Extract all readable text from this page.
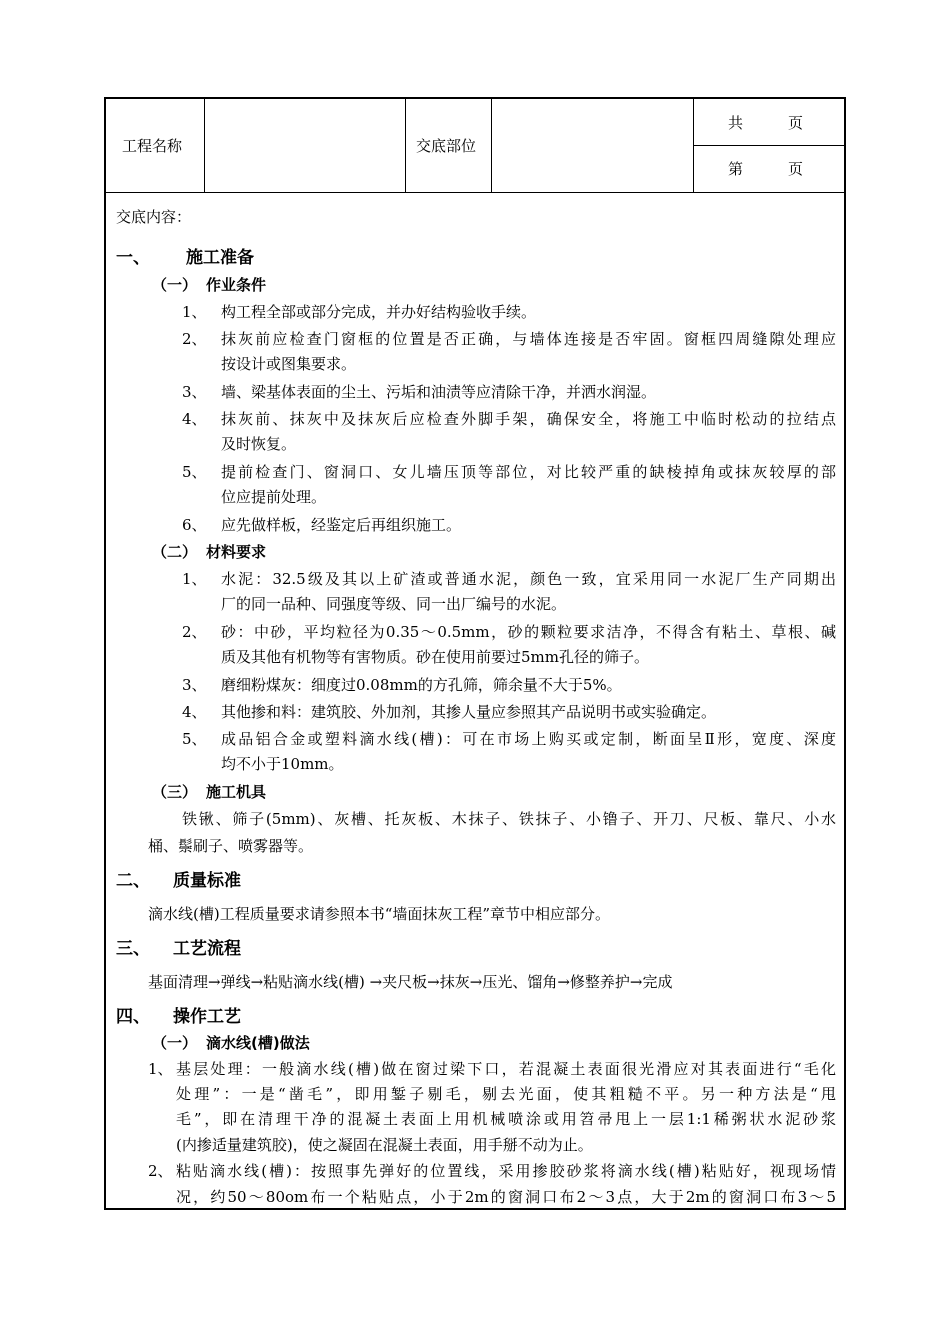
工程名称	交底部位
共　　　页
第　　　页
交底内容：
一、 施工准备
（一） 作业条件
1、 构工程全部或部分完成，并办好结构验收手续。
2、 抹灰前应检查门窗框的位置是否正确，与墙体连接是否牢固。窗框四周缝隙处理应
按设计或图集要求。
3、 墙、梁基体表面的尘土、污垢和油渍等应清除干净，并洒水润湿。
4、 抹灰前、抹灰中及抹灰后应检查外脚手架，确保安全，将施工中临时松动的拉结点
及时恢复。
5、 提前检查门、窗洞口、女儿墙压顶等部位，对比较严重的缺棱掉角或抹灰较厚的部
位应提前处理。
6、 应先做样板，经鉴定后再组织施工。
（二） 材料要求
1、 水泥：32.5级及其以上矿渣或普通水泥，颜色一致，宜采用同一水泥厂生产同期出
厂的同一品种、同强度等级、同一出厂编号的水泥。
2、 砂：中砂，平均粒径为0.35～0.5mm，砂的颗粒要求洁净，不得含有粘土、草根、碱
质及其他有机物等有害物质。砂在使用前要过5mm孔径的筛子。
3、 磨细粉煤灰：细度过0.08mm的方孔筛，筛余量不大于5%。
4、 其他掺和料：建筑胶、外加剂，其掺人量应参照其产品说明书或实验确定。
5、 成品铝合金或塑料滴水线(槽)：可在市场上购买或定制，断面呈Ⅱ形，宽度、深度
均不小于10mm。
（三） 施工机具
铁锹、筛子(5mm)、灰槽、托灰板、木抹子、铁抹子、小镥子、开刀、尺板、靠尺、小水
桶、鬃刷子、喷雾器等。
二、 质量标准
滴水线(槽)工程质量要求请参照本书“墙面抹灰工程”章节中相应部分。
三、 工艺流程
基面清理→弹线→粘贴滴水线(槽) →夹尺板→抹灰→压光、馏角→修整养护→完成
四、 操作工艺
（一） 滴水线(槽)做法
1、 基层处理：一般滴水线(槽)做在窗过梁下口，若混凝土表面很光滑应对其表面进行“毛化
处理”：一是“凿毛”，即用錾子剔毛，剔去光面，使其粗糙不平。另一种方法是“甩
毛”，即在清理干净的混凝土表面上用机械喷涂或用笤帚甩上一层1:1稀粥状水泥砂浆
(内掺适量建筑胶)，使之凝固在混凝土表面，用手掰不动为止。
2、 粘贴滴水线(槽)：按照事先弹好的位置线，采用掺胶砂浆将滴水线(槽)粘贴好，视现场情
况，约50～80om布一个粘贴点，小于2m的窗洞口布2～3点，大于2m的窗洞口布3～5
